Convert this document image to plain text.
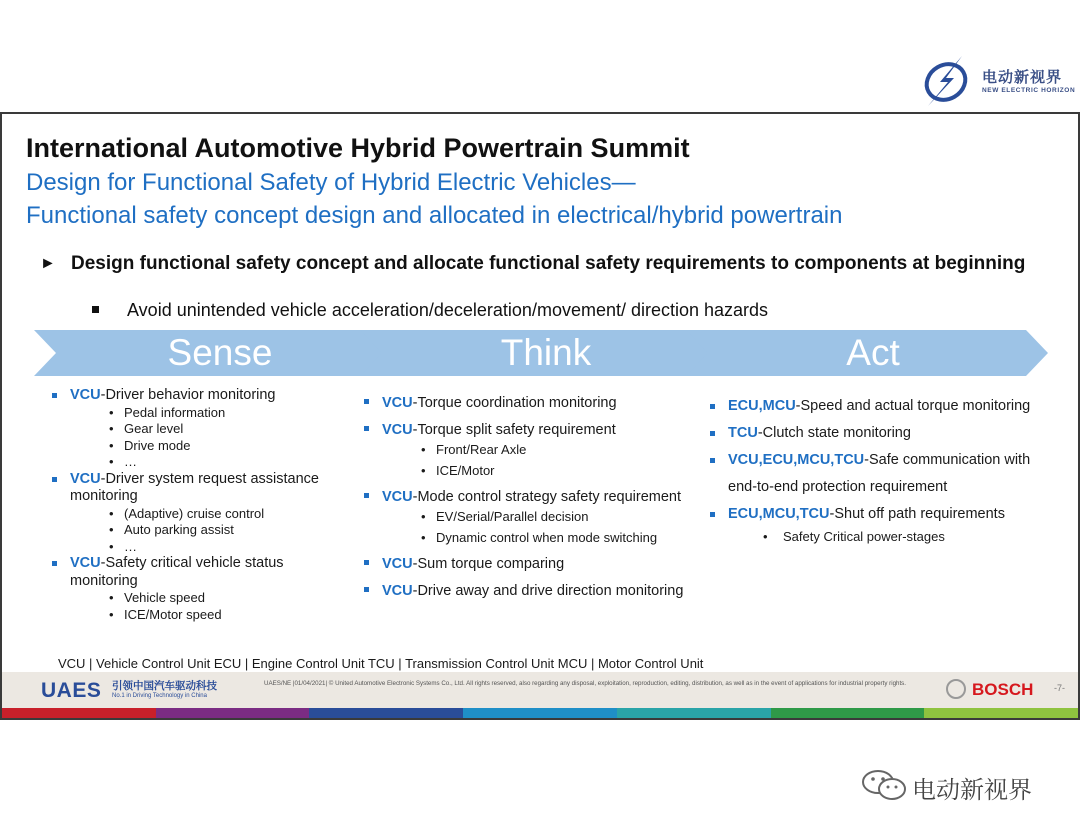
电动新视界
NEW ELECTRIC HORIZON
International Automotive Hybrid Powertrain Summit
Design for Functional Safety of Hybrid Electric Vehicles—
Functional safety concept design and allocated in electrical/hybrid powertrain
► Design functional safety concept and allocate functional safety requirements to components at beginning
Avoid unintended vehicle acceleration/deceleration/movement/ direction hazards
Sense	Think	Act
VCU-Driver behavior monitoring
• Pedal information
• Gear level
• Drive mode
• …
VCU-Driver system request assistance monitoring
• (Adaptive) cruise control
• Auto parking assist
• …
VCU-Safety critical vehicle status monitoring
• Vehicle speed
• ICE/Motor speed
VCU-Torque coordination monitoring
VCU-Torque split safety requirement
• Front/Rear Axle
• ICE/Motor
VCU-Mode control strategy safety requirement
• EV/Serial/Parallel decision
• Dynamic control when mode switching
VCU-Sum torque comparing
VCU-Drive away and drive direction monitoring
ECU,MCU-Speed and actual torque monitoring
TCU-Clutch state monitoring
VCU,ECU,MCU,TCU-Safe communication with end-to-end protection requirement
ECU,MCU,TCU-Shut off path requirements
• Safety Critical power-stages
VCU | Vehicle Control Unit ECU | Engine Control Unit TCU | Transmission Control Unit MCU | Motor Control Unit
UAES 引领中国汽车驱动科技
No.1 in Driving Technology in China
UAES/NE |01/04/2021| © United Automotive Electronic Systems Co., Ltd. All rights reserved, also regarding any disposal, exploitation, reproduction, editing, distribution, as well as in the event of applications for industrial property rights.	BOSCH -7-
电动新视界
